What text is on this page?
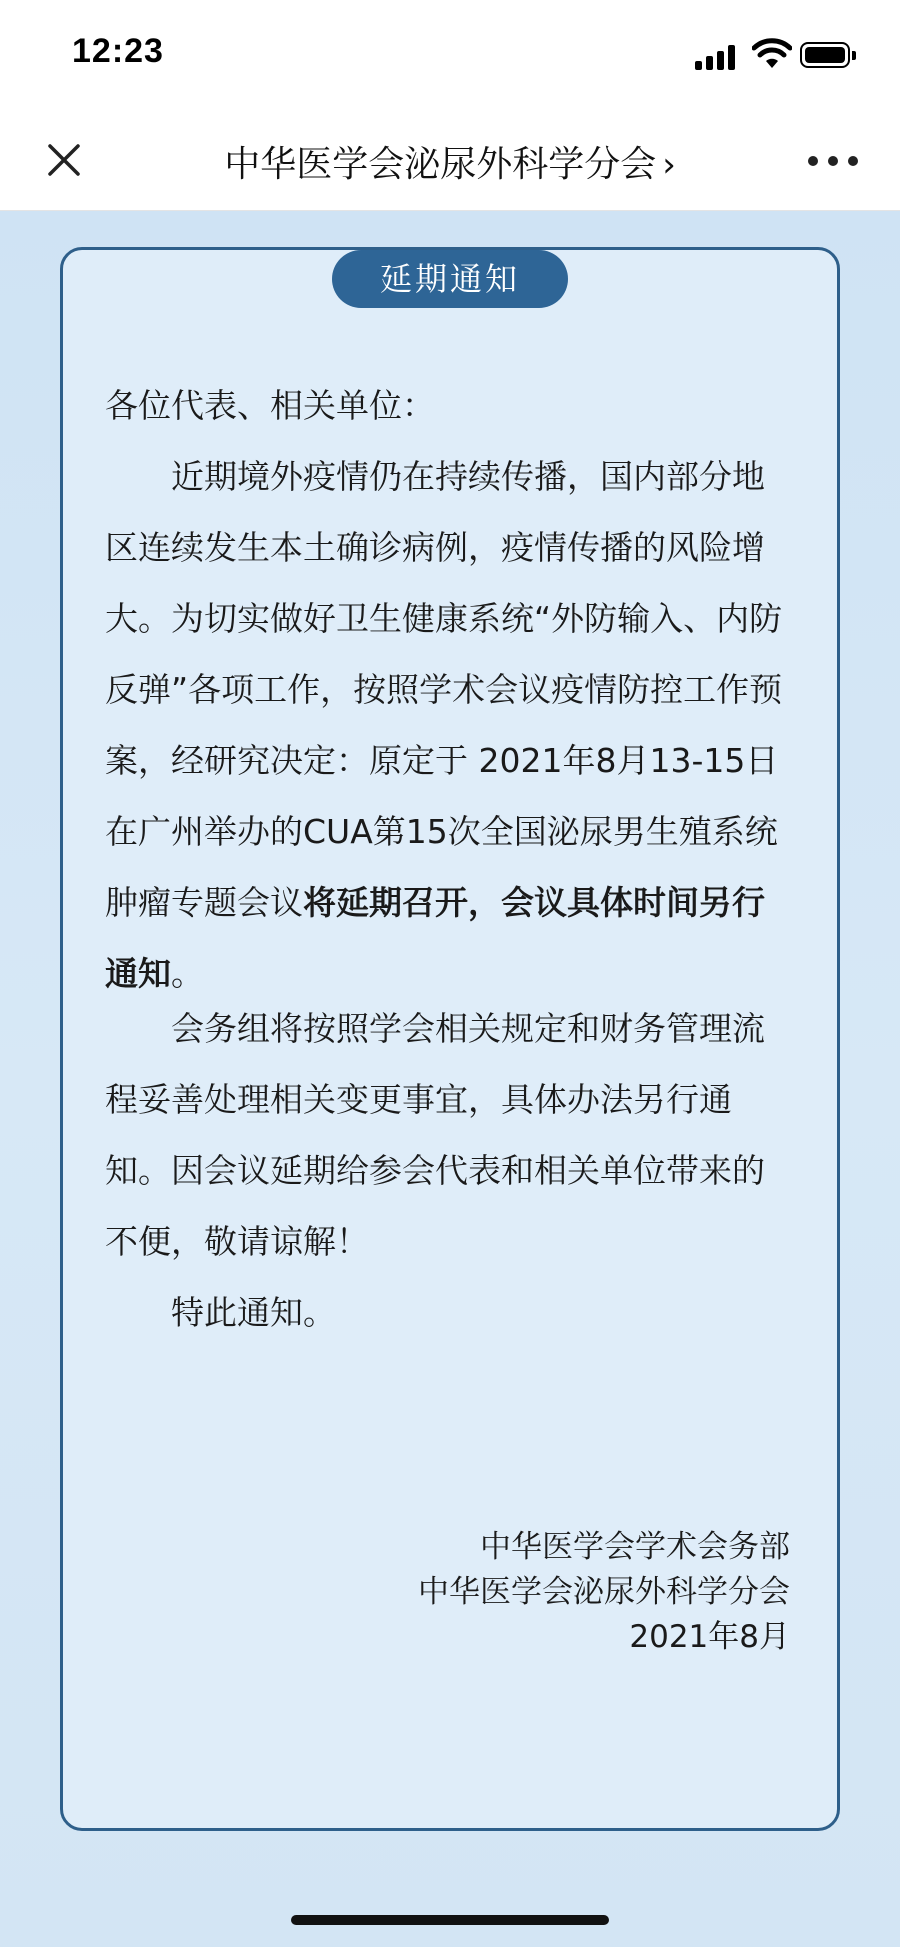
12:23
中华医学会泌尿外科学分会 ›
延期通知
各位代表、相关单位：

近期境外疫情仍在持续传播，国内部分地区连续发生本土确诊病例，疫情传播的风险增大。为切实做好卫生健康系统“外防输入、内防反弹”各项工作，按照学术会议疫情防控工作预案，经研究决定：原定于 2021年8月13-15日在广州举办的CUA第15次全国泌尿男生殖系统肿瘤专题会议将延期召开，会议具体时间另行通知。

会务组将按照学会相关规定和财务管理流程妥善处理相关变更事宜，具体办法另行通知。因会议延期给参会代表和相关单位带来的不便，敬请谅解！

特此通知。

中华医学会学术会务部
中华医学会泌尿外科学分会
2021年8月
